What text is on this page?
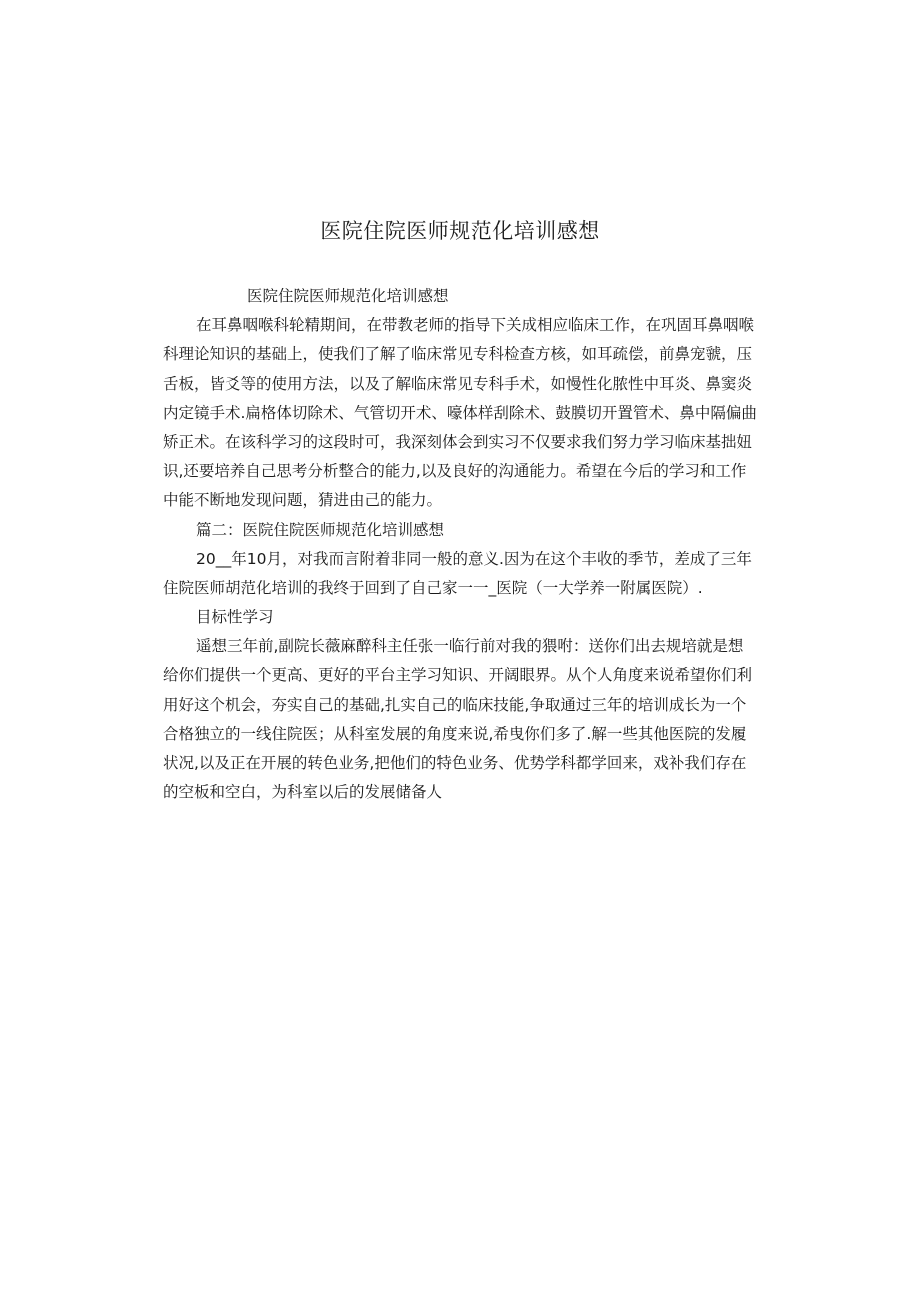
医院住院医师规范化培训感想
医院住院医师规范化培训感想
在耳鼻咽喉科轮精期间，在带教老师的指导下关成相应临床工作，在巩固耳鼻咽喉
科理论知识的基础上，使我们了解了临床常见专科检查方核，如耳疏偿，前鼻宠虢，压
舌板，皆爻等的使用方法，以及了解临床常见专科手术，如慢性化脓性中耳炎、鼻窦炎
内定镜手术.扁格体切除术、气管切开术、嚎体样刮除术、鼓膜切开置管术、鼻中隔偏曲
矫正术。在该科学习的这段时可，我深刻体会到实习不仅要求我们努力学习临床基拙妞
识,还要培养自己思考分析整合的能力,以及良好的沟通能力。希望在今后的学习和工作
中能不断地发现问题，猜进由己的能力。
篇二：医院住院医师规范化培训感想
20__年10月，对我而言附着非同一般的意义.因为在这个丰收的季节，差成了三年
住院医师胡范化培训的我终于回到了自己家一一_医院（一大学养一附属医院）.
目标性学习
遥想三年前,副院长薇麻醉科主任张一临行前对我的猥咐：送你们出去规培就是想
给你们提供一个更高、更好的平台主学习知识、开阔眼界。从个人角度来说希望你们利
用好这个机会，夯实自己的基础,扎实自己的临床技能,争取通过三年的培训成长为一个
合格独立的一线住院医；从科室发展的角度来说,希曳你们多了.解一些其他医院的发履
状况,以及正在开展的转色业务,把他们的特色业务、优势学科都学回来，戏补我们存在
的空板和空白，为科室以后的发展储备人
